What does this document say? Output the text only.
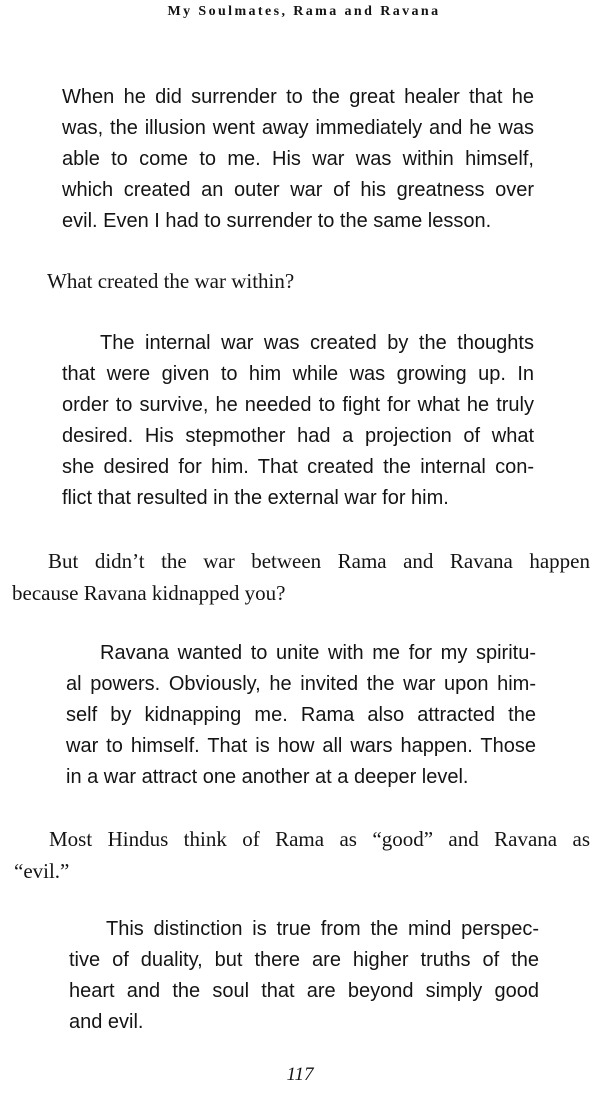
My Soulmates, Rama and Ravana
When he did surrender to the great healer that he
was, the illusion went away immediately and he was
able to come to me. His war was within himself,
which created an outer war of his greatness over
evil. Even I had to surrender to the same lesson.
What created the war within?
The internal war was created by the thoughts
that were given to him while was growing up. In
order to survive, he needed to fight for what he truly
desired. His stepmother had a projection of what
she desired for him. That created the internal con-
flict that resulted in the external war for him.
But didn’t the war between Rama and Ravana happen
because Ravana kidnapped you?
Ravana wanted to unite with me for my spiritu-
al powers. Obviously, he invited the war upon him-
self by kidnapping me. Rama also attracted the
war to himself. That is how all wars happen. Those
in a war attract one another at a deeper level.
Most Hindus think of Rama as “good” and Ravana as
“evil.”
This distinction is true from the mind perspec-
tive of duality, but there are higher truths of the
heart and the soul that are beyond simply good
and evil.
117
